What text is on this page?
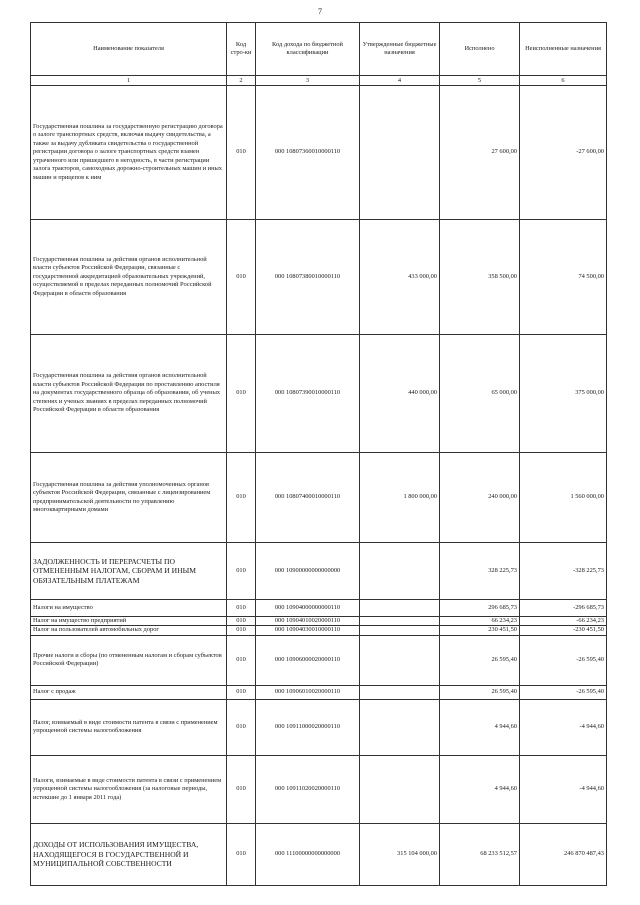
7
Наименование показателя	Код стро-ки	Код дохода по бюджетной классификации	Утвержденные бюджетные назначения	Исполнено	Неисполненные назначения
1	2	3	4	5	6
Государственная пошлина за государственную регистрацию договора о залоге транспортных средств, включая выдачу свидетельства, а также за выдачу дубликата свидетельства о государственной регистрации договора о залоге транспортных средств взамен утраченного или пришедшего в негодность, в части регистрации залога тракторов, самоходных дорожно-строительных машин и иных машин и прицепов к ним	010	000 10807360010000110		27 600,00	-27 600,00
Государственная пошлина за действия органов исполнительной власти субъектов Российской Федерации, связанные с государственной аккредитацией образовательных учреждений, осуществляемой в пределах переданных полномочий Российской Федерации в области образования	010	000 10807380010000110	433 000,00	358 500,00	74 500,00
Государственная пошлина за действия органов исполнительной власти субъектов Российской Федерации по проставлению апостиля на документах государственного образца об образовании, об ученых степенях и ученых званиях в пределах переданных полномочий Российской Федерации в области образования	010	000 10807390010000110	440 000,00	65 000,00	375 000,00
Государственная пошлина за действия уполномоченных органов субъектов Российской Федерации, связанные с лицензированием предпринимательской деятельности по управлению многоквартирными домами	010	000 10807400010000110	1 800 000,00	240 000,00	1 560 000,00
ЗАДОЛЖЕННОСТЬ И ПЕРЕРАСЧЕТЫ ПО ОТМЕНЕННЫМ НАЛОГАМ, СБОРАМ И ИНЫМ ОБЯЗАТЕЛЬНЫМ ПЛАТЕЖАМ	010	000 10900000000000000		328 225,73	-328 225,73
Налоги на имущество	010	000 10904000000000110		296 685,73	-296 685,73
Налог на имущество предприятий	010	000 10904010020000110		66 234,23	-66 234,23
Налог на пользователей автомобильных дорог	010	000 10904030010000110		230 451,50	-230 451,50
Прочие налоги и сборы (по отмененным налогам и сборам субъектов Российской Федерации)	010	000 10906000020000110		26 595,40	-26 595,40
Налог с продаж	010	000 10906010020000110		26 595,40	-26 595,40
Налог, взимаемый в виде стоимости патента в связи с применением упрощенной системы налогообложения	010	000 10911000020000110		4 944,60	-4 944,60
Налоги, взимаемые в виде стоимости патента в связи с применением упрощенной системы налогообложения (за налоговые периоды, истекшие до 1 января 2011 года)	010	000 10911020020000110		4 944,60	-4 944,60
ДОХОДЫ ОТ ИСПОЛЬЗОВАНИЯ ИМУЩЕСТВА, НАХОДЯЩЕГОСЯ В ГОСУДАРСТВЕННОЙ И МУНИЦИПАЛЬНОЙ СОБСТВЕННОСТИ	010	000 11100000000000000	315 104 000,00	68 233 512,57	246 870 487,43
